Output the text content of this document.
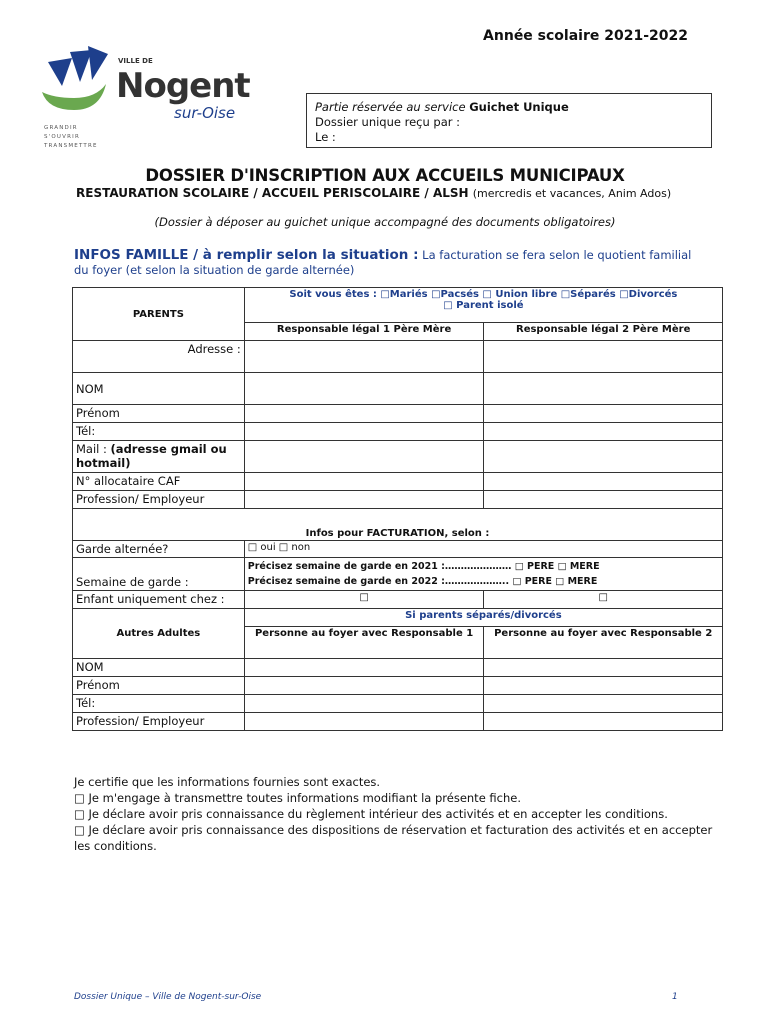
Année scolaire 2021-2022
VILLE DE
Nogent
sur-Oise
GRANDIR
S'OUVRIR
TRANSMETTRE
Partie réservée au service Guichet Unique
Dossier unique reçu par :
Le :
DOSSIER D'INSCRIPTION AUX ACCUEILS MUNICIPAUX
RESTAURATION SCOLAIRE / ACCUEIL PERISCOLAIRE / ALSH (mercredis et vacances, Anim Ados)
(Dossier à déposer au guichet unique accompagné des documents obligatoires)
INFOS FAMILLE / à remplir selon la situation : La facturation se fera selon le quotient familial du foyer (et selon la situation de garde alternée)
PARENTS	Soit vous êtes : □Mariés □Pacsés □ Union libre □Séparés □Divorcés
□ Parent isolé	

	Responsable légal 1 Père Mère	Responsable légal 2 Père Mère
Adresse :		
NOM		
Prénom		
Tél:		
Mail : (adresse gmail ou hotmail)		
N° allocataire CAF		
Profession/ Employeur		
Infos pour FACTURATION, selon :		
Garde alternée?	□ oui □ non	
Semaine de garde :	Précisez semaine de garde en 2021 :………………… □ PERE □ MERE
Précisez semaine de garde en 2022 :……………….. □ PERE □ MERE	

Enfant uniquement chez :	□	□
Autres Adultes	Si parents séparés/divorcés	
	Personne au foyer avec Responsable 1	Personne au foyer avec Responsable 2
NOM		
Prénom		
Tél:		
Profession/ Employeur		
Je certifie que les informations fournies sont exactes.
□ Je m'engage à transmettre toutes informations modifiant la présente fiche.
□ Je déclare avoir pris connaissance du règlement intérieur des activités et en accepter les conditions.
□ Je déclare avoir pris connaissance des dispositions de réservation et facturation des activités et en accepter les conditions.
Dossier Unique – Ville de Nogent-sur-Oise	1
